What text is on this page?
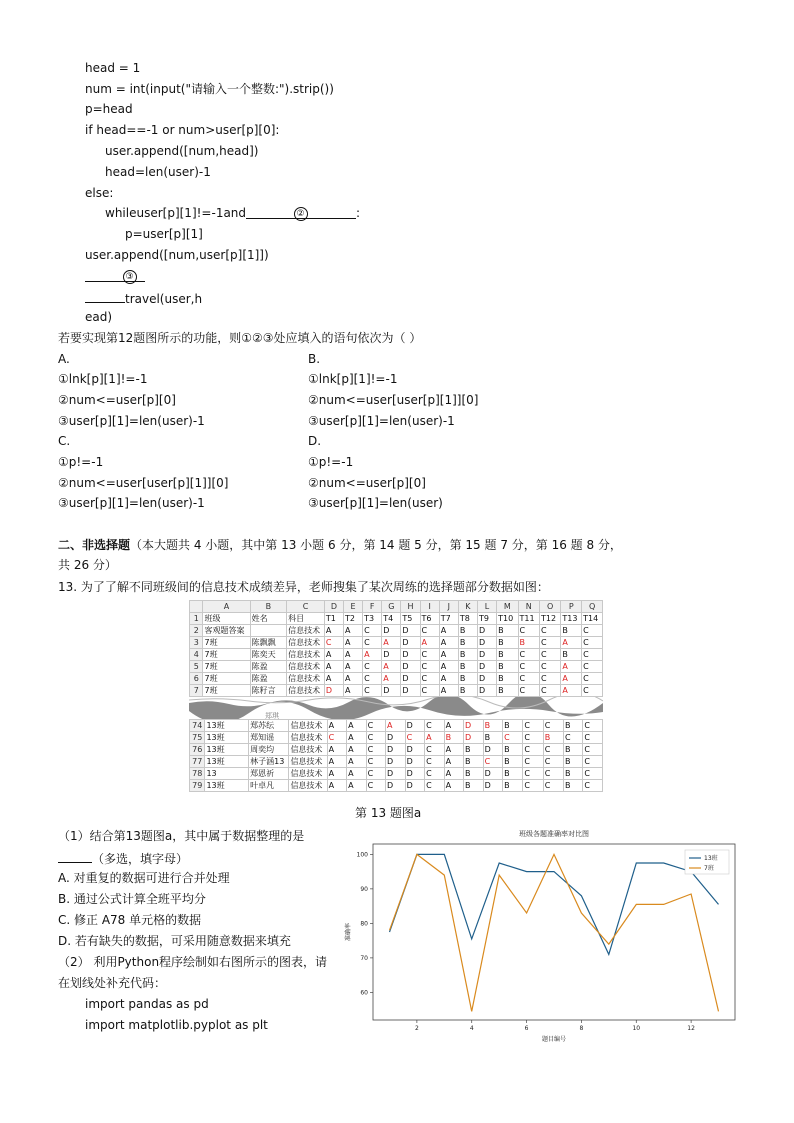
head = 1
num = int(input("请输入一个整数:").strip())
p=head
if head==-1 or num>user[p][0]:
user.append([num,head])
head=len(user)-1
else:
whileuser[p][1]!=-1and	②	:
p=user[p][1]
user.append([num,user[p][1]])
③
travel(user,h
ead)
若要实现第12题图所示的功能，则①②③处应填入的语句依次为（ ）
A.
①lnk[p][1]!=-1
②num<=user[p][0]
③user[p][1]=len(user)-1
B.
①lnk[p][1]!=-1
②num<=user[user[p][1]][0]
③user[p][1]=len(user)-1
C.
①p!=-1
②num<=user[user[p][1]][0]
③user[p][1]=len(user)-1
D.
①p!=-1
②num<=user[p][0]
③user[p][1]=len(user)
二、非选择题（本大题共 4 小题，其中第 13 小题 6 分，第 14 题 5 分，第 15 题 7 分，第 16 题 8 分，
共 26 分）
13. 为了了解不同班级间的信息技术成绩差异，老师搜集了某次周练的选择题部分数据如图：
	A	B	C	D	E	F	G	H	I	J	K	L	M	N	O	P	Q
1	班级	姓名	科目	T1	T2	T3	T4	T5	T6	T7	T8	T9	T10	T11	T12	T13	T14
2	客观题答案		信息技术	A	A	C	D	D	C	A	B	D	B	C	C	B	C
3	7班	陈飘飘	信息技术	C	A	C	A	D	A	A	B	D	B	B	C	A	C
4	7班	陈奕天	信息技术	A	A	A	D	D	C	A	B	D	B	C	C	B	C
5	7班	陈盈	信息技术	A	A	C	A	D	C	A	B	D	B	C	C	A	C
6	7班	陈盈	信息技术	A	A	C	A	D	C	A	B	D	B	C	C	A	C
7	7班	陈籽言	信息技术	D	A	C	D	D	C	A	B	D	B	C	C	A	C
郑琪
74	13班	郑苏纭	信息技术	A	A	C	A	D	C	A	D	B	B	C	C	B	C
75	13班	郑知谣	信息技术	C	A	C	D	C	A	B	D	B	C	C	B	C	C
76	13班	周奕均	信息技术	A	A	C	D	D	C	A	B	D	B	C	C	B	C
77	13班	林子涵13	信息技术	A	A	C	D	D	C	A	B	C	B	C	C	B	C
78	13	郑恩祈	信息技术	A	A	C	D	D	C	A	B	D	B	C	C	B	C
79	13班	叶卓凡	信息技术	A	A	C	D	D	C	A	B	D	B	C	C	B	C
第 13 题图a
（1）结合第13题图a，其中属于数据整理的是
（多选，填字母）
A. 对重复的数据可进行合并处理
B. 通过公式计算全班平均分
C. 修正 A78 单元格的数据
D. 若有缺失的数据，可采用随意数据来填充
（2） 利用Python程序绘制如右图所示的图表，请
在划线处补充代码：
import pandas as pd
import matplotlib.pyplot as plt
班级各题准确率对比图
题目编号
准确率
2	4	6	8	10	12
60
70
80
90
100
13班
7班
